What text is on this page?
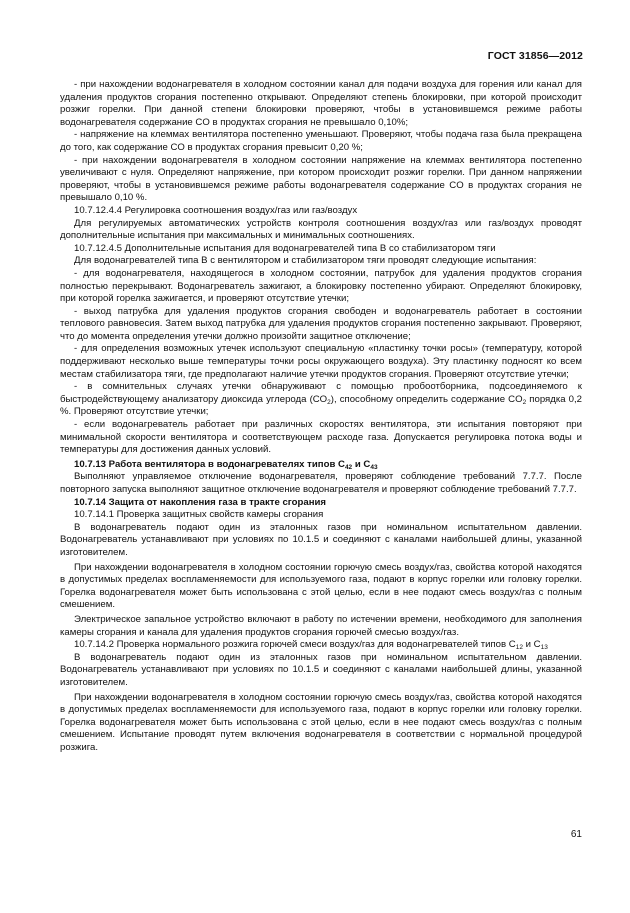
ГОСТ 31856—2012

- при нахождении водонагревателя в холодном состоянии канал для подачи воздуха для горения или канал для удаления продуктов сгорания постепенно открывают. Определяют степень блокировки, при которой происходит розжиг горелки. При данной степени блокировки проверяют, чтобы в установившемся режиме работы водонагревателя содержание CO в продуктах сгорания не превышало 0,10%;

- напряжение на клеммах вентилятора постепенно уменьшают. Проверяют, чтобы подача газа была прекращена до того, как содержание CO в продуктах сгорания превысит 0,20 %;

- при нахождении водонагревателя в холодном состоянии напряжение на клеммах вентилятора постепенно увеличивают с нуля. Определяют напряжение, при котором происходит розжиг горелки. При данном напряжении проверяют, чтобы в установившемся режиме работы водонагревателя содержание CO в продуктах сгорания не превышало 0,10 %.

10.7.12.4.4 Регулировка соотношения воздух/газ или газ/воздух

Для регулируемых автоматических устройств контроля соотношения воздух/газ или газ/воздух проводят дополнительные испытания при максимальных и минимальных соотношениях.

10.7.12.4.5 Дополнительные испытания для водонагревателей типа В со стабилизатором тяги

Для водонагревателей типа В с вентилятором и стабилизатором тяги проводят следующие испытания:

- для водонагревателя, находящегося в холодном состоянии, патрубок для удаления продуктов сгорания полностью перекрывают. Водонагреватель зажигают, а блокировку постепенно убирают. Определяют блокировку, при которой горелка зажигается, и проверяют отсутствие утечки;

- выход патрубка для удаления продуктов сгорания свободен и водонагреватель работает в состоянии теплового равновесия. Затем выход патрубка для удаления продуктов сгорания постепенно закрывают. Проверяют, что до момента определения утечки должно произойти защитное отключение;

- для определения возможных утечек используют специальную «пластинку точки росы» (температуру, которой поддерживают несколько выше температуры точки росы окружающего воздуха). Эту пластинку подносят ко всем местам стабилизатора тяги, где предполагают наличие утечки продуктов сгорания. Проверяют отсутствие утечки;

- в сомнительных случаях утечки обнаруживают с помощью пробоотборника, подсоединяемого к быстродействующему анализатору диоксида углерода $(CO_2)$, способному определить содержание $CO_2$ порядка 0,2 %. Проверяют отсутствие утечки;

- если водонагреватель работает при различных скоростях вентилятора, эти испытания повторяют при минимальной скорости вентилятора и соответствующем расходе газа. Допускается регулировка потока воды и температуры для достижения данных условий.

10.7.13 Работа вентилятора в водонагревателях типов $C_{42}$ и $C_{43}$

Выполняют управляемое отключение водонагревателя, проверяют соблюдение требований 7.7.7. После повторного запуска выполняют защитное отключение водонагревателя и проверяют соблюдение требований 7.7.7.

10.7.14 Защита от накопления газа в тракте сгорания

10.7.14.1 Проверка защитных свойств камеры сгорания

В водонагреватель подают один из эталонных газов при номинальном испытательном давлении. Водонагреватель устанавливают при условиях по 10.1.5 и соединяют с каналами наибольшей длины, указанной изготовителем.

При нахождении водонагревателя в холодном состоянии горючую смесь воздух/газ, свойства которой находятся в допустимых пределах воспламеняемости для используемого газа, подают в корпус горелки или головку горелки. Горелка водонагревателя может быть использована с этой целью, если в нее подают смесь воздух/газ с полным смешением.

Электрическое запальное устройство включают в работу по истечении времени, необходимого для заполнения камеры сгорания и канала для удаления продуктов сгорания горючей смесью воздух/газ.

10.7.14.2 Проверка нормального розжига горючей смеси воздух/газ для водонагревателей типов $C_{12}$ и $C_{13}$

В водонагреватель подают один из эталонных газов при номинальном испытательном давлении. Водонагреватель устанавливают при условиях по 10.1.5 и соединяют с каналами наибольшей длины, указанной изготовителем.

При нахождении водонагревателя в холодном состоянии горючую смесь воздух/газ, свойства которой находятся в допустимых пределах воспламеняемости для используемого газа, подают в корпус горелки или головку горелки. Горелка водонагревателя может быть использована с этой целью, если в нее подают смесь воздух/газ с полным смешением. Испытание проводят путем включения водонагревателя в соответствии с нормальной процедурой розжига.

61
